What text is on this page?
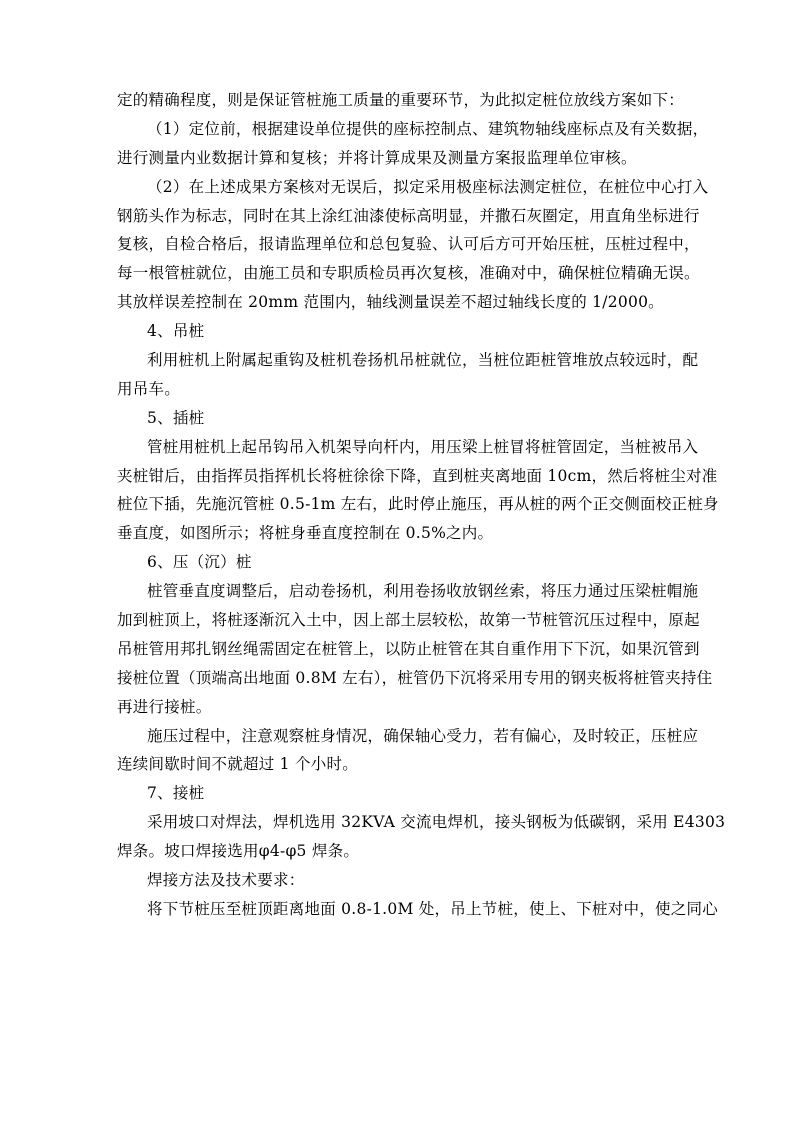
定的精确程度，则是保证管桩施工质量的重要环节，为此拟定桩位放线方案如下：
（1）定位前，根据建设单位提供的座标控制点、建筑物轴线座标点及有关数据，
进行测量内业数据计算和复核；并将计算成果及测量方案报监理单位审核。
（2）在上述成果方案核对无误后，拟定采用极座标法测定桩位，在桩位中心打入
钢筋头作为标志，同时在其上涂红油漆使标高明显，并撒石灰圈定，用直角坐标进行
复核，自检合格后，报请监理单位和总包复验、认可后方可开始压桩，压桩过程中，
每一根管桩就位，由施工员和专职质检员再次复核，准确对中，确保桩位精确无误。
其放样误差控制在 20mm 范围内，轴线测量误差不超过轴线长度的 1/2000。
4、吊桩
利用桩机上附属起重钩及桩机卷扬机吊桩就位，当桩位距桩管堆放点较远时，配
用吊车。
5、插桩
管桩用桩机上起吊钩吊入机架导向杆内，用压梁上桩冒将桩管固定，当桩被吊入
夹桩钳后，由指挥员指挥机长将桩徐徐下降，直到桩夹离地面 10cm，然后将桩尘对准
桩位下插，先施沉管桩 0.5-1m 左右，此时停止施压，再从桩的两个正交侧面校正桩身
垂直度，如图所示；将桩身垂直度控制在 0.5%之内。
6、压（沉）桩
桩管垂直度调整后，启动卷扬机，利用卷扬收放钢丝索，将压力通过压梁桩帽施
加到桩顶上，将桩逐渐沉入土中，因上部土层较松，故第一节桩管沉压过程中，原起
吊桩管用邦扎钢丝绳需固定在桩管上，以防止桩管在其自重作用下下沉，如果沉管到
接桩位置（顶端高出地面 0.8M 左右），桩管仍下沉将采用专用的钢夹板将桩管夹持住
再进行接桩。
施压过程中，注意观察桩身情况，确保轴心受力，若有偏心，及时较正，压桩应
连续间歇时间不就超过 1 个小时。
7、接桩
采用坡口对焊法，焊机选用 32KVA 交流电焊机，接头钢板为低碳钢，采用 E4303
焊条。坡口焊接选用φ4-φ5 焊条。
焊接方法及技术要求：
将下节桩压至桩顶距离地面 0.8-1.0M 处，吊上节桩，使上、下桩对中，使之同心
